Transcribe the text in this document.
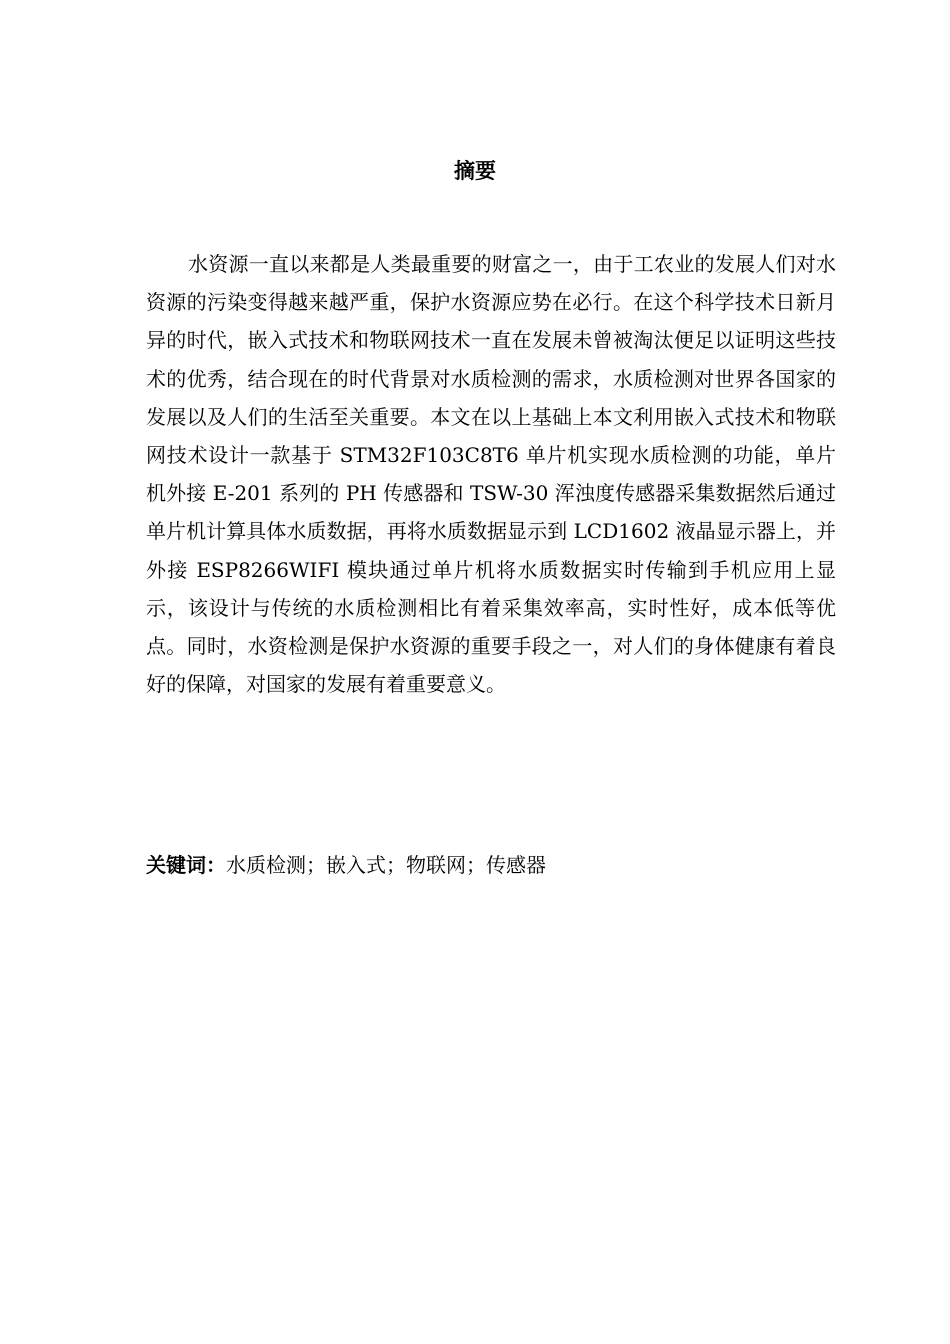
摘要

水资源一直以来都是人类最重要的财富之一，由于工农业的发展人们对水资源的污染变得越来越严重，保护水资源应势在必行。在这个科学技术日新月异的时代，嵌入式技术和物联网技术一直在发展未曾被淘汰便足以证明这些技术的优秀，结合现在的时代背景对水质检测的需求，水质检测对世界各国家的发展以及人们的生活至关重要。本文在以上基础上本文利用嵌入式技术和物联网技术设计一款基于 STM32F103C8T6 单片机实现水质检测的功能，单片机外接 E-201 系列的 PH 传感器和 TSW-30 浑浊度传感器采集数据然后通过单片机计算具体水质数据，再将水质数据显示到 LCD1602 液晶显示器上，并外接 ESP8266WIFI 模块通过单片机将水质数据实时传输到手机应用上显示，该设计与传统的水质检测相比有着采集效率高，实时性好，成本低等优点。同时，水资检测是保护水资源的重要手段之一，对人们的身体健康有着良好的保障，对国家的发展有着重要意义。

关键词：水质检测；嵌入式；物联网；传感器
